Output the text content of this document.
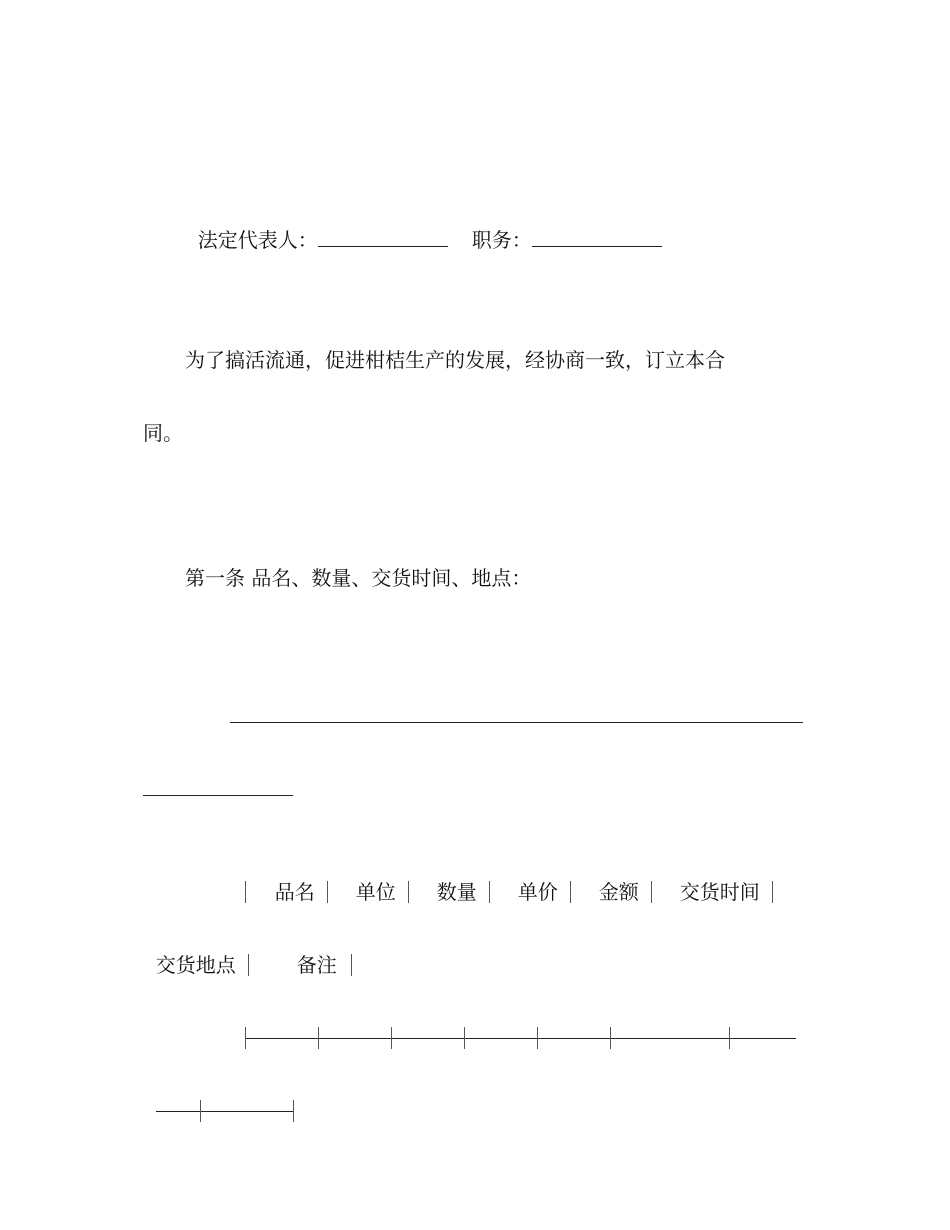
法定代表人：	职务：

为了搞活流通，促进柑桔生产的发展，经协商一致，订立本合
同。
第一条 品名、数量、交货时间、地点：

品名 单位 数量 单价 金额 交货时间

交货地点	备注
